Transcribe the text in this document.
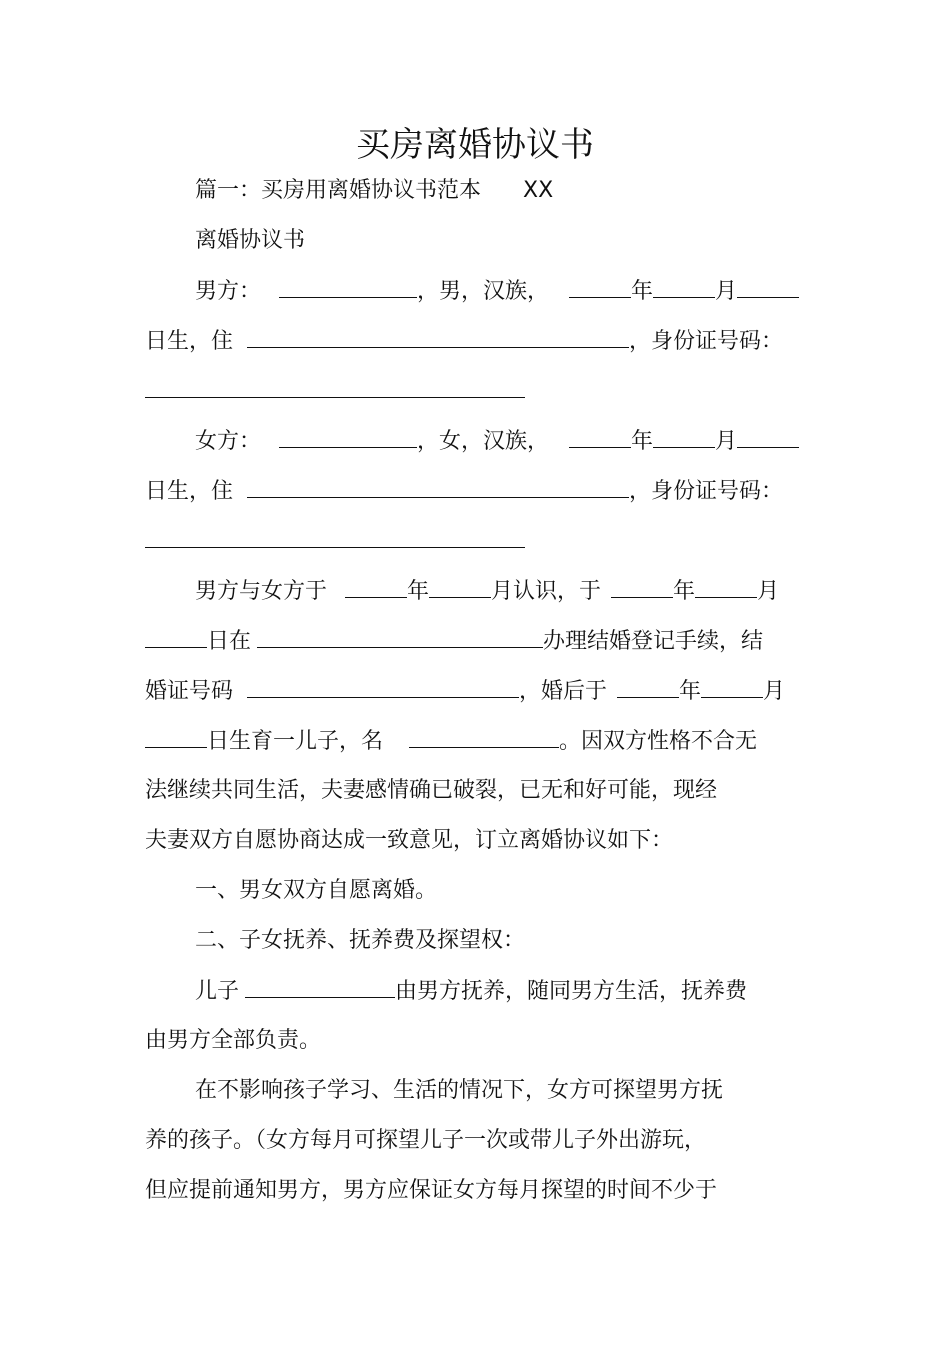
买房离婚协议书
篇一：买房用离婚协议书范本 XX
离婚协议书
男方：	，男，汉族，	年	月
日生，住	，身份证号码：
女方：	，女，汉族，	年	月
日生，住	，身份证号码：
男方与女方于	年	月认识，于	年	月
日在	办理结婚登记手续，结
婚证号码	，婚后于	年	月
日生育一儿子，名	。因双方性格不合无
法继续共同生活，夫妻感情确已破裂，已无和好可能，现经
夫妻双方自愿协商达成一致意见，订立离婚协议如下：
一、男女双方自愿离婚。
二、子女抚养、抚养费及探望权：
儿子	由男方抚养，随同男方生活，抚养费
由男方全部负责。
在不影响孩子学习、生活的情况下，女方可探望男方抚
养的孩子。（女方每月可探望儿子一次或带儿子外出游玩，
但应提前通知男方，男方应保证女方每月探望的时间不少于
